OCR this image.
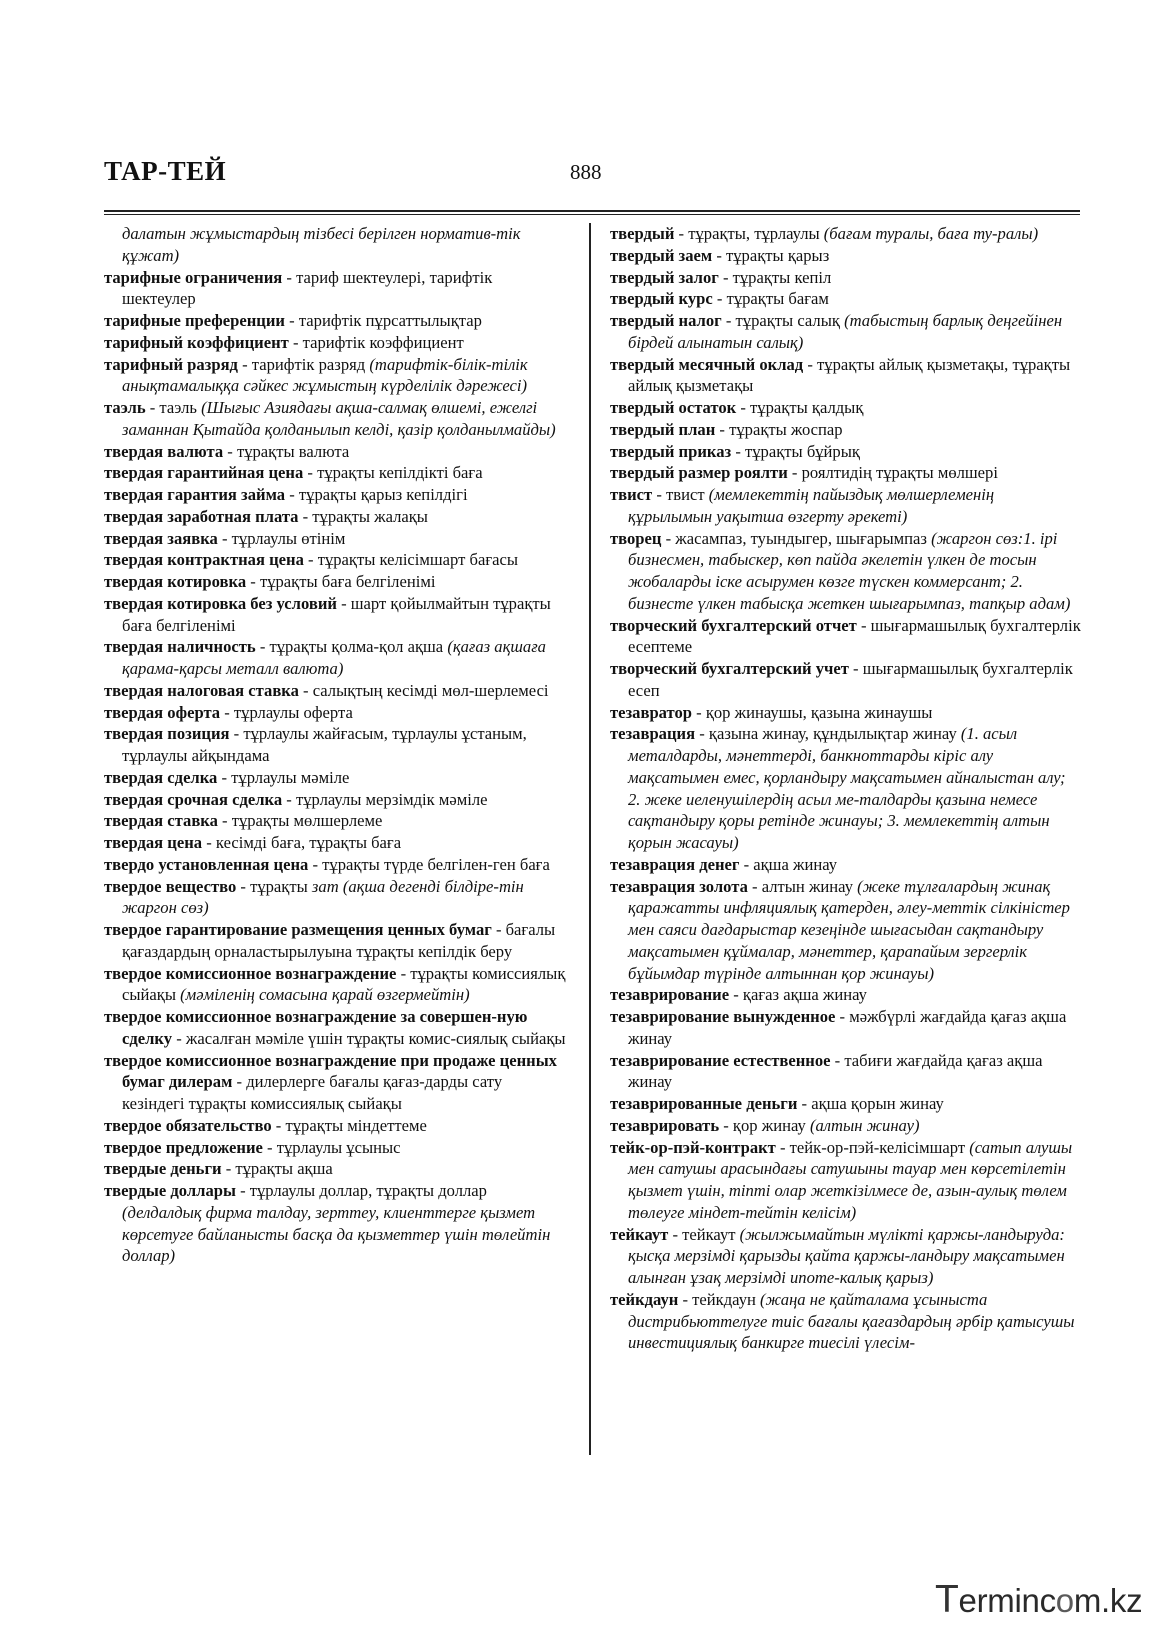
ТАР-ТЕЙ	888
далатын жұмыстардың тізбесі берілген норматив-тік құжат)
тарифные ограничения - тариф шектеулері, тарифтік шектеулер
тарифные преференции - тарифтік пұрсаттылықтар
тарифный коэффициент - тарифтік коэффициент
тарифный разряд - тарифтік разряд (тарифтік-білік-тілік анықтамалыққа сәйкес жұмыстың күрделілік дәрежесі)
таэль - таэль (Шығыс Азиядағы ақша-салмақ өлшемі, ежелгі заманнан Қытайда қолданылып келді, қазір қолданылмайды)
твердая валюта - тұрақты валюта
твердая гарантийная цена - тұрақты кепілдікті баға
твердая гарантия займа - тұрақты қарыз кепілдігі
твердая заработная плата - тұрақты жалақы
твердая заявка - тұрлаулы өтінім
твердая контрактная цена - тұрақты келісімшарт бағасы
твердая котировка - тұрақты баға белгіленімі
твердая котировка без условий - шарт қойылмайтын тұрақты баға белгіленімі
твердая наличность - тұрақты қолма-қол ақша (қағаз ақшаға қарама-қарсы металл валюта)
твердая налоговая ставка - салықтың кесімді мөл-шерлемесі
твердая оферта - тұрлаулы оферта
твердая позиция - тұрлаулы жайғасым, тұрлаулы ұстаным, тұрлаулы айқындама
твердая сделка - тұрлаулы мәміле
твердая срочная сделка - тұрлаулы мерзімдік мәміле
твердая ставка - тұрақты мөлшерлеме
твердая цена - кесімді баға, тұрақты баға
твердо установленная цена - тұрақты түрде белгілен-ген баға
твердое вещество - тұрақты зат (ақша дегенді білдіре-тін жаргон сөз)
твердое гарантирование размещения ценных бумаг - бағалы қағаздардың орналастырылуына тұрақты кепілдік беру
твердое комиссионное вознаграждение - тұрақты комиссиялық сыйақы (мәміленің сомасына қарай өзгермейтін)
твердое комиссионное вознаграждение за совершен-ную сделку - жасалған мәміле үшін тұрақты комис-сиялық сыйақы
твердое комиссионное вознаграждение при продаже ценных бумаг дилерам - дилерлерге бағалы қағаз-дарды сату кезіндегі тұрақты комиссиялық сыйақы
твердое обязательство - тұрақты міндеттеме
твердое предложение - тұрлаулы ұсыныс
твердые деньги - тұрақты ақша
твердые доллары - тұрлаулы доллар, тұрақты доллар (делдалдық фирма талдау, зерттеу, клиенттерге қызмет көрсетуге байланысты басқа да қызметтер үшін төлейтін доллар)
твердый - тұрақты, тұрлаулы (бағам туралы, баға ту-ралы)
твердый заем - тұрақты қарыз
твердый залог - тұрақты кепіл
твердый курс - тұрақты бағам
твердый налог - тұрақты салық (табыстың барлық деңгейінен бірдей алынатын салық)
твердый месячный оклад - тұрақты айлық қызметақы, тұрақты айлық қызметақы
твердый остаток - тұрақты қалдық
твердый план - тұрақты жоспар
твердый приказ - тұрақты бұйрық
твердый размер роялти - роялтидің тұрақты мөлшері
твист - твист (мемлекеттің пайыздық мөлшерлеменің құрылымын уақытша өзгерту әрекеті)
творец - жасампаз, туындыгер, шығарымпаз (жаргон сөз:1. ірі бизнесмен, табыскер, көп пайда әкелетін үлкен де тосын жобаларды іске асырумен көзге түскен коммерсант; 2. бизнесте үлкен табысқа жеткен шығарымпаз, тапқыр адам)
творческий бухгалтерский отчет - шығармашылық бухгалтерлік есептеме
творческий бухгалтерский учет - шығармашылық бухгалтерлік есеп
тезавратор - қор жинаушы, қазына жинаушы
тезаврация - қазына жинау, құндылықтар жинау (1. асыл металдарды, мәнеттерді, банкноттарды кіріс алу мақсатымен емес, қорландыру мақсатымен айналыстан алу; 2. жеке иеленушілердің асыл ме-талдарды қазына немесе сақтандыру қоры ретінде жинауы; 3. мемлекеттің алтын қорын жасауы)
тезаврация денег - ақша жинау
тезаврация золота - алтын жинау (жеке тұлғалардың жинақ қаражатты инфляциялық қатерден, әлеу-меттік сілкіністер мен саяси дағдарыстар кезеңінде шығасыдан сақтандыру мақсатымен құймалар, мәнеттер, қарапайым зергерлік бұйымдар түрінде алтыннан қор жинауы)
тезаврирование - қағаз ақша жинау
тезаврирование вынужденное - мәжбүрлі жағдайда қағаз ақша жинау
тезаврирование естественное - табиғи жағдайда қағаз ақша жинау
тезаврированные деньги - ақша қорын жинау
тезаврировать - қор жинау (алтын жинау)
тейк-ор-пэй-контракт - тейк-ор-пэй-келісімшарт (сатып алушы мен сатушы арасындағы сатушыны тауар мен көрсетілетін қызмет үшін, тіпті олар жеткізілмесе де, азын-аулық төлем төлеуге міндет-тейтін келісім)
тейкаут - тейкаут (жылжымайтын мүлікті қаржы-ландыруда: қысқа мерзімді қарызды қайта қаржы-ландыру мақсатымен алынған ұзақ мерзімді ипоте-калық қарыз)
тейкдаун - тейкдаун (жаңа не қайталама ұсыныста дистрибьюттелуге тиіс бағалы қағаздардың әрбір қатысушы инвестициялық банкирге тиесілі үлесім-
Termincom.kz
